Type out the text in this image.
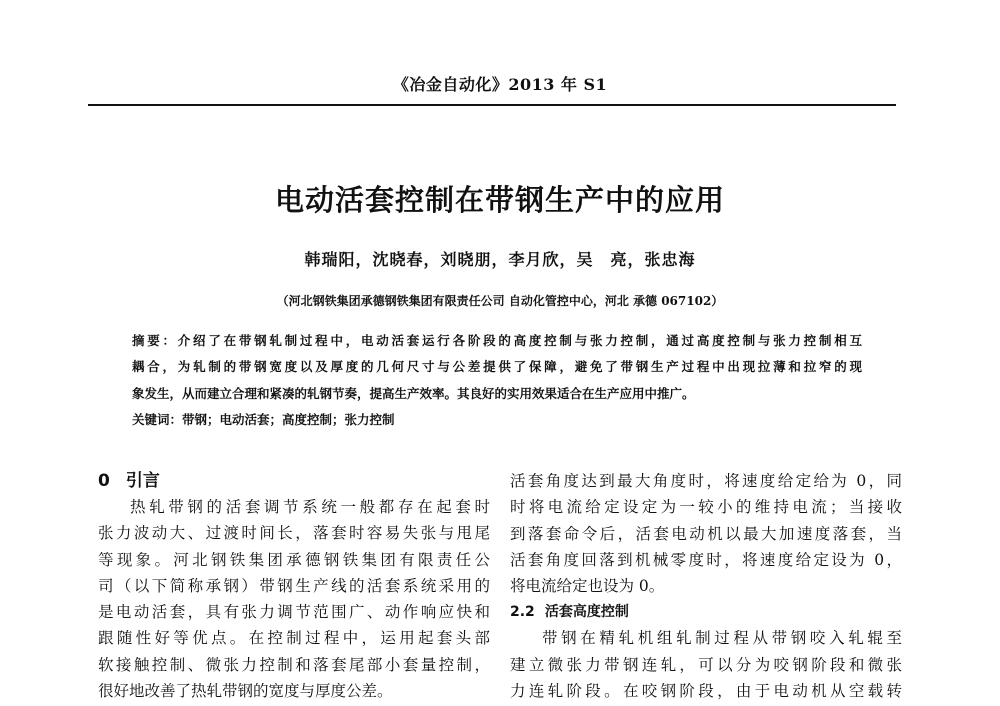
《冶金自动化》2013 年 S1
电动活套控制在带钢生产中的应用
韩瑞阳，沈晓春，刘晓朋，李月欣，吴　亮，张忠海
（河北钢铁集团承德钢铁集团有限责任公司 自动化管控中心，河北 承德 067102）
摘要：介绍了在带钢轧制过程中，电动活套运行各阶段的高度控制与张力控制，通过高度控制与张力控制相互
耦合，为轧制的带钢宽度以及厚度的几何尺寸与公差提供了保障，避免了带钢生产过程中出现拉薄和拉窄的现
象发生，从而建立合理和紧凑的轧钢节奏，提高生产效率。其良好的实用效果适合在生产应用中推广。
关键词：带钢；电动活套；高度控制；张力控制
0 引言
热轧带钢的活套调节系统一般都存在起套时
张力波动大、过渡时间长，落套时容易失张与甩尾
等现象。河北钢铁集团承德钢铁集团有限责任公
司（以下简称承钢）带钢生产线的活套系统采用的
是电动活套，具有张力调节范围广、动作响应快和
跟随性好等优点。在控制过程中，运用起套头部
软接触控制、微张力控制和落套尾部小套量控制，
很好地改善了热轧带钢的宽度与厚度公差。
活套角度达到最大角度时，将速度给定给为 0，同
时将电流给定设定为一较小的维持电流；当接收
到落套命令后，活套电动机以最大加速度落套，当
活套角度回落到机械零度时，将速度给定设为 0，
将电流给定也设为 0。
2.2 活套高度控制
带钢在精轧机组轧制过程从带钢咬入轧辊至
建立微张力带钢连轧，可以分为咬钢阶段和微张
力连轧阶段。在咬钢阶段，由于电动机从空载转
